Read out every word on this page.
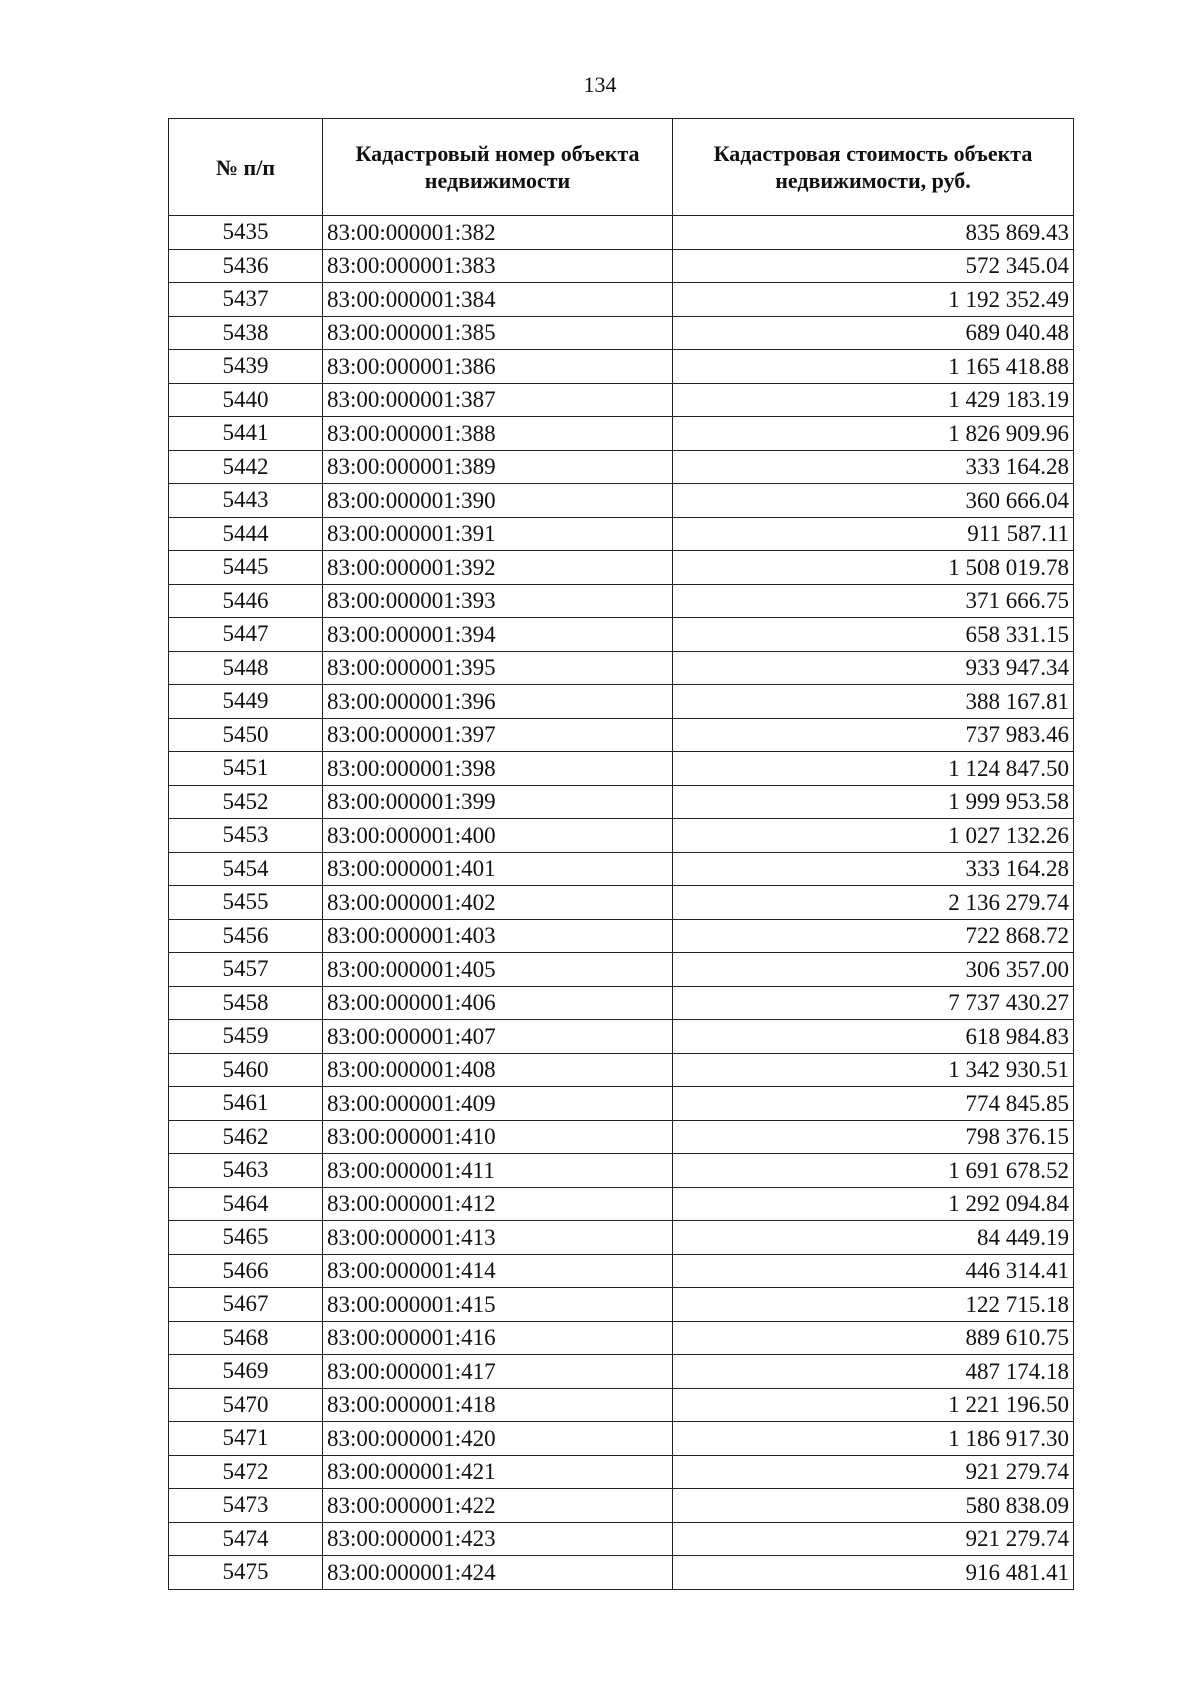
134
№ п/п	Кадастровый номер объекта недвижимости	Кадастровая стоимость объекта недвижимости, руб.
5435	83:00:000001:382	835 869.43
5436	83:00:000001:383	572 345.04
5437	83:00:000001:384	1 192 352.49
5438	83:00:000001:385	689 040.48
5439	83:00:000001:386	1 165 418.88
5440	83:00:000001:387	1 429 183.19
5441	83:00:000001:388	1 826 909.96
5442	83:00:000001:389	333 164.28
5443	83:00:000001:390	360 666.04
5444	83:00:000001:391	911 587.11
5445	83:00:000001:392	1 508 019.78
5446	83:00:000001:393	371 666.75
5447	83:00:000001:394	658 331.15
5448	83:00:000001:395	933 947.34
5449	83:00:000001:396	388 167.81
5450	83:00:000001:397	737 983.46
5451	83:00:000001:398	1 124 847.50
5452	83:00:000001:399	1 999 953.58
5453	83:00:000001:400	1 027 132.26
5454	83:00:000001:401	333 164.28
5455	83:00:000001:402	2 136 279.74
5456	83:00:000001:403	722 868.72
5457	83:00:000001:405	306 357.00
5458	83:00:000001:406	7 737 430.27
5459	83:00:000001:407	618 984.83
5460	83:00:000001:408	1 342 930.51
5461	83:00:000001:409	774 845.85
5462	83:00:000001:410	798 376.15
5463	83:00:000001:411	1 691 678.52
5464	83:00:000001:412	1 292 094.84
5465	83:00:000001:413	84 449.19
5466	83:00:000001:414	446 314.41
5467	83:00:000001:415	122 715.18
5468	83:00:000001:416	889 610.75
5469	83:00:000001:417	487 174.18
5470	83:00:000001:418	1 221 196.50
5471	83:00:000001:420	1 186 917.30
5472	83:00:000001:421	921 279.74
5473	83:00:000001:422	580 838.09
5474	83:00:000001:423	921 279.74
5475	83:00:000001:424	916 481.41
